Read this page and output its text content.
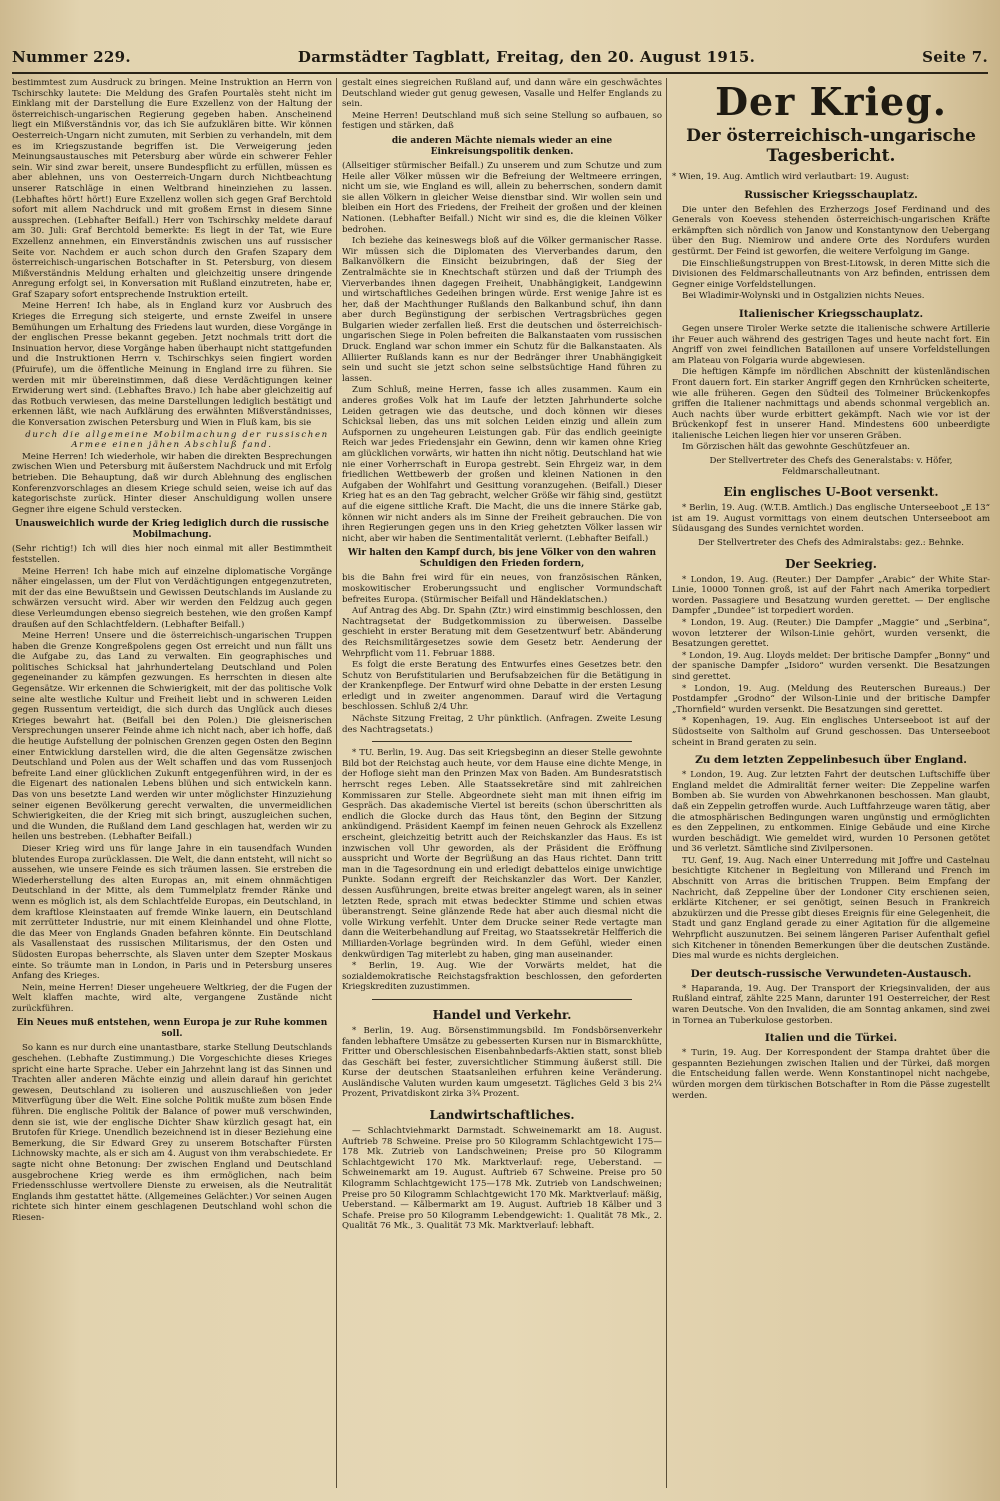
Nummer 229.	Darmstädter Tagblatt, Freitag, den 20. August 1915.	Seite 7.

bestimmtest zum Ausdruck zu bringen. Meine Instruktion an Herrn von Tschirschky lautete: Die Meldung des Grafen Pourtalès steht nicht im Einklang mit der Darstellung die Eure Exzellenz von der Haltung der österreichisch-ungarischen Regierung gegeben haben. Anscheinend liegt ein Mißverständnis vor, das ich Sie aufzuklären bitte. Wir können Oesterreich-Ungarn nicht zumuten, mit Serbien zu verhandeln, mit dem es im Kriegszustande begriffen ist. Die Verweigerung jeden Meinungsaustausches mit Petersburg aber würde ein schwerer Fehler sein. Wir sind zwar bereit, unsere Bundespflicht zu erfüllen, müssen es aber ablehnen, uns von Oesterreich-Ungarn durch Nichtbeachtung unserer Ratschläge in einen Weltbrand hineinziehen zu lassen. (Lebhaftes hört! hört!) Eure Exzellenz wollen sich gegen Graf Berchtold sofort mit allem Nachdruck und mit großem Ernst in diesem Sinne aussprechen. (Lebhafter Beifall.) Herr von Tschirschky meldete darauf am 30. Juli: Graf Berchtold bemerkte: Es liegt in der Tat, wie Eure Exzellenz annehmen, ein Einverständnis zwischen uns auf russischer Seite vor. Nachdem er auch schon durch den Grafen Szapary dem österreichisch-ungarischen Botschafter in St. Petersburg, von diesem Mißverständnis Meldung erhalten und gleichzeitig unsere dringende Anregung erfolgt sei, in Konversation mit Rußland einzutreten, habe er, Graf Szapary sofort entsprechende Instruktion erteilt.

Meine Herren! Ich habe, als in England kurz vor Ausbruch des Krieges die Erregung sich steigerte, und ernste Zweifel in unsere Bemühungen um Erhaltung des Friedens laut wurden, diese Vorgänge in der englischen Presse bekannt gegeben. Jetzt nochmals tritt dort die Insinuation hervor, diese Vorgänge haben überhaupt nicht stattgefunden und die Instruktionen Herrn v. Tschirschkys seien fingiert worden (Pfuirufe), um die öffentliche Meinung in England irre zu führen. Sie werden mit mir übereinstimmen, daß diese Verdächtigungen keiner Erwiderung wert sind. (Lebhaftes Bravo.) Ich habe aber gleichzeitig auf das Rotbuch verwiesen, das meine Darstellungen lediglich bestätigt und erkennen läßt, wie nach Aufklärung des erwähnten Mißverständnisses, die Konversation zwischen Petersburg und Wien in Fluß kam, bis sie

durch die allgemeine Mobilmachung der russischen Armee einen jähen Abschluß fand.

Meine Herren! Ich wiederhole, wir haben die direkten Besprechungen zwischen Wien und Petersburg mit äußerstem Nachdruck und mit Erfolg betrieben. Die Behauptung, daß wir durch Ablehnung des englischen Konferenzvorschlages an diesem Kriege schuld seien, weise ich auf das kategorischste zurück. Hinter dieser Anschuldigung wollen unsere Gegner ihre eigene Schuld verstecken.

Unausweichlich wurde der Krieg lediglich durch die russische Mobilmachung.

(Sehr richtig!) Ich will dies hier noch einmal mit aller Bestimmtheit feststellen.

Meine Herren! Ich habe mich auf einzelne diplomatische Vorgänge näher eingelassen, um der Flut von Verdächtigungen entgegenzutreten, mit der das eine Bewußtsein und Gewissen Deutschlands im Auslande zu schwärzen versucht wird. Aber wir werden den Feldzug auch gegen diese Verleumdungen ebenso siegreich bestehen, wie den großen Kampf draußen auf den Schlachtfeldern. (Lebhafter Beifall.)

Meine Herren! Unsere und die österreichisch-ungarischen Truppen haben die Grenze Kongreßpolens gegen Ost erreicht und nun fällt uns die Aufgabe zu, das Land zu verwalten. Ein geographisches und politisches Schicksal hat jahrhundertelang Deutschland und Polen gegeneinander zu kämpfen gezwungen. Es herrschten in diesen alte Gegensätze. Wir erkennen die Schwierigkeit, mit der das politische Volk seine alte westliche Kultur und Freiheit liebt und in schweren Leiden gegen Russentum verteidigt, die sich durch das Unglück auch dieses Krieges bewahrt hat. (Beifall bei den Polen.) Die gleisnerischen Versprechungen unserer Feinde ahme ich nicht nach, aber ich hoffe, daß die heutige Aufstellung der polnischen Grenzen gegen Osten den Beginn einer Entwicklung darstellen wird, die die alten Gegensätze zwischen Deutschland und Polen aus der Welt schaffen und das vom Russenjoch befreite Land einer glücklichen Zukunft entgegenführen wird, in der es die Eigenart des nationalen Lebens blühen und sich entwickeln kann. Das von uns besetzte Land werden wir unter möglichster Hinzuziehung seiner eigenen Bevölkerung gerecht verwalten, die unvermeidlichen Schwierigkeiten, die der Krieg mit sich bringt, auszugleichen suchen, und die Wunden, die Rußland dem Land geschlagen hat, werden wir zu heilen uns bestreben. (Lebhafter Beifall.)

Dieser Krieg wird uns für lange Jahre in ein tausendfach Wunden blutendes Europa zurücklassen. Die Welt, die dann entsteht, will nicht so aussehen, wie unsere Feinde es sich träumen lassen. Sie erstreben die Wiederherstellung des alten Europas an, mit einem ohnmächtigen Deutschland in der Mitte, als dem Tummelplatz fremder Ränke und wenn es möglich ist, als dem Schlachtfelde Europas, ein Deutschland, in dem kraftlose Kleinstaaten auf fremde Winke lauern, ein Deutschland mit zerrütteter Industrie, nur mit einem Kleinhandel und ohne Flotte, die das Meer von Englands Gnaden befahren könnte. Ein Deutschland als Vasallenstaat des russischen Militarismus, der den Osten und Südosten Europas beherrschte, als Slaven unter dem Szepter Moskaus einte. So träumte man in London, in Paris und in Petersburg unseres Anfang des Krieges.

Nein, meine Herren! Dieser ungeheuere Weltkrieg, der die Fugen der Welt klaffen machte, wird alte, vergangene Zustände nicht zurückführen.

Ein Neues muß entstehen, wenn Europa je zur Ruhe kommen soll.

So kann es nur durch eine unantastbare, starke Stellung Deutschlands geschehen. (Lebhafte Zustimmung.) Die Vorgeschichte dieses Krieges spricht eine harte Sprache. Ueber ein Jahrzehnt lang ist das Sinnen und Trachten aller anderen Mächte einzig und allein darauf hin gerichtet gewesen, Deutschland zu isolieren und auszuschließen von jeder Mitverfügung über die Welt. Eine solche Politik mußte zum bösen Ende führen. Die englische Politik der Balance of power muß verschwinden, denn sie ist, wie der englische Dichter Shaw kürzlich gesagt hat, ein Brutofen für Kriege. Unendlich bezeichnend ist in dieser Beziehung eine Bemerkung, die Sir Edward Grey zu unserem Botschafter Fürsten Lichnowsky machte, als er sich am 4. August von ihm verabschiedete. Er sagte nicht ohne Betonung: Der zwischen England und Deutschland ausgebrochene Krieg werde es ihm ermöglichen, nach beim Friedensschlusse wertvollere Dienste zu erweisen, als die Neutralität Englands ihm gestattet hätte. (Allgemeines Gelächter.) Vor seinen Augen richtete sich hinter einem geschlagenen Deutschland wohl schon die Riesen-

gestalt eines siegreichen Rußland auf, und dann wäre ein geschwächtes Deutschland wieder gut genug gewesen, Vasalle und Helfer Englands zu sein.

Meine Herren! Deutschland muß sich seine Stellung so aufbauen, so festigen und stärken, daß

die anderen Mächte niemals wieder an eine Einkreisungspolitik denken.

(Allseitiger stürmischer Beifall.) Zu unserem und zum Schutze und zum Heile aller Völker müssen wir die Befreiung der Weltmeere erringen, nicht um sie, wie England es will, allein zu beherrschen, sondern damit sie allen Völkern in gleicher Weise dienstbar sind. Wir wollen sein und bleiben ein Hort des Friedens, der Freiheit der großen und der kleinen Nationen. (Lebhafter Beifall.) Nicht wir sind es, die die kleinen Völker bedrohen.

Ich beziehe das keineswegs bloß auf die Völker germanischer Rasse. Wir müssen sich die Diplomaten des Vierverbandes darum, den Balkanvölkern die Einsicht beizubringen, daß der Sieg der Zentralmächte sie in Knechtschaft stürzen und daß der Triumph des Vierverbandes ihnen dagegen Freiheit, Unabhängigkeit, Landgewinn und wirtschaftliches Gedeihen bringen würde. Erst wenige Jahre ist es her, daß der Machthunger Rußlands den Balkanbund schuf, ihn dann aber durch Begünstigung der serbischen Vertragsbrüches gegen Bulgarien wieder zerfallen ließ. Erst die deutschen und österreichisch-ungarischen Siege in Polen befreiten die Balkanstaaten vom russischen Druck. England war schon immer ein Schutz für die Balkanstaaten. Als Alliierter Rußlands kann es nur der Bedränger ihrer Unabhängigkeit sein und sucht sie jetzt schon seine selbstsüchtige Hand führen zu lassen.

Zum Schluß, meine Herren, fasse ich alles zusammen. Kaum ein anderes großes Volk hat im Laufe der letzten Jahrhunderte solche Leiden getragen wie das deutsche, und doch können wir dieses Schicksal lieben, das uns mit solchen Leiden einzig und allein zum Aufspornen zu ungeheuren Leistungen gab. Für das endlich geeinigte Reich war jedes Friedensjahr ein Gewinn, denn wir kamen ohne Krieg am glücklichen vorwärts, wir hatten ihn nicht nötig. Deutschland hat wie nie einer Vorherrschaft in Europa gestrebt. Sein Ehrgeiz war, in dem friedlichen Wettbewerb der großen und kleinen Nationen in den Aufgaben der Wohlfahrt und Gesittung voranzugehen. (Beifall.) Dieser Krieg hat es an den Tag gebracht, welcher Größe wir fähig sind, gestützt auf die eigene sittliche Kraft. Die Macht, die uns die innere Stärke gab, können wir nicht anders als im Sinne der Freiheit gebrauchen. Die von ihren Regierungen gegen uns in den Krieg gehetzten Völker lassen wir nicht, aber wir haben die Sentimentalität verlernt. (Lebhafter Beifall.)

Wir halten den Kampf durch, bis jene Völker von den wahren Schuldigen den Frieden fordern,

bis die Bahn frei wird für ein neues, von französischen Ränken, moskowitischer Eroberungssucht und englischer Vormundschaft befreites Europa. (Stürmischer Beifall und Händeklatschen.)

Auf Antrag des Abg. Dr. Spahn (Ztr.) wird einstimmig beschlossen, den Nachtragsetat der Budgetkommission zu überweisen. Dasselbe geschieht in erster Beratung mit dem Gesetzentwurf betr. Abänderung des Reichsmilitärgesetzes sowie dem Gesetz betr. Aenderung der Wehrpflicht vom 11. Februar 1888.

Es folgt die erste Beratung des Entwurfes eines Gesetzes betr. den Schutz von Berufstitularien und Berufsabzeichen für die Betätigung in der Krankenpflege. Der Entwurf wird ohne Debatte in der ersten Lesung erledigt und in zweiter angenommen. Darauf wird die Vertagung beschlossen. Schluß 2/4 Uhr.

Nächste Sitzung Freitag, 2 Uhr pünktlich. (Anfragen. Zweite Lesung des Nachtragsetats.)

* TU. Berlin, 19. Aug. Das seit Kriegsbeginn an dieser Stelle gewohnte Bild bot der Reichstag auch heute, vor dem Hause eine dichte Menge, in der Hofloge sieht man den Prinzen Max von Baden. Am Bundesratstisch herrscht reges Leben. Alle Staatssekretäre sind mit zahlreichen Kommissaren zur Stelle. Abgeordnete sieht man mit ihnen eifrig im Gespräch. Das akademische Viertel ist bereits (schon überschritten als endlich die Glocke durch das Haus tönt, den Beginn der Sitzung ankündigend. Präsident Kaempf im feinen neuen Gehrock als Exzellenz erscheint, gleichzeitig betritt auch der Reichskanzler das Haus. Es ist inzwischen voll Uhr geworden, als der Präsident die Eröffnung ausspricht und Worte der Begrüßung an das Haus richtet. Dann tritt man in die Tagesordnung ein und erledigt debattelos einige unwichtige Punkte. Sodann ergreift der Reichskanzler das Wort. Der Kanzler, dessen Ausführungen, breite etwas breiter angelegt waren, als in seiner letzten Rede, sprach mit etwas bedeckter Stimme und schien etwas überanstrengt. Seine glänzende Rede hat aber auch diesmal nicht die volle Wirkung verfehlt. Unter dem Drucke seiner Rede vertagte man dann die Weiterbehandlung auf Freitag, wo Staatssekretär Helfferich die Milliarden-Vorlage begründen wird. In dem Gefühl, wieder einen denkwürdigen Tag miterlebt zu haben, ging man auseinander.

* Berlin, 19. Aug. Wie der Vorwärts meldet, hat die sozialdemokratische Reichstagsfraktion beschlossen, den geforderten Kriegskrediten zuzustimmen.

Handel und Verkehr.

* Berlin, 19. Aug. Börsenstimmungsbild. Im Fondsbörsenverkehr fanden lebhaftere Umsätze zu gebesserten Kursen nur in Bismarckhütte, Fritter und Oberschlesischen Eisenbahnbedarfs-Aktien statt, sonst blieb das Geschäft bei fester, zuversichtlicher Stimmung äußerst still. Die Kurse der deutschen Staatsanleihen erfuhren keine Veränderung. Ausländische Valuten wurden kaum umgesetzt. Tägliches Geld 3 bis 2¼ Prozent, Privatdiskont zirka 3¾ Prozent.

Landwirtschaftliches.

— Schlachtviehmarkt Darmstadt. Schweinemarkt am 18. August. Auftrieb 78 Schweine. Preise pro 50 Kilogramm Schlachtgewicht 175—178 Mk. Zutrieb von Landschweinen; Preise pro 50 Kilogramm Schlachtgewicht 170 Mk. Marktverlauf: rege, Ueberstand. — Schweinemarkt am 19. August. Auftrieb 67 Schweine. Preise pro 50 Kilogramm Schlachtgewicht 175—178 Mk. Zutrieb von Landschweinen; Preise pro 50 Kilogramm Schlachtgewicht 170 Mk. Marktverlauf: mäßig, Ueberstand. — Kälbermarkt am 19. August. Auftrieb 18 Kälber und 3 Schafe. Preise pro 50 Kilogramm Lebendgewicht: 1. Qualität 78 Mk., 2. Qualität 76 Mk., 3. Qualität 73 Mk. Marktverlauf: lebhaft.

Der Krieg.
Der österreichisch-ungarische Tagesbericht.

* Wien, 19. Aug. Amtlich wird verlautbart: 19. August:

Russischer Kriegsschauplatz.

Die unter den Befehlen des Erzherzogs Josef Ferdinand und des Generals von Koevess stehenden österreichisch-ungarischen Kräfte erkämpften sich nördlich von Janow und Konstantynow den Uebergang über den Bug. Niemirow und andere Orte des Nordufers wurden gestürmt. Der Feind ist geworfen, die weitere Verfolgung im Gange.

Die Einschließungstruppen von Brest-Litowsk, in deren Mitte sich die Divisionen des Feldmarschalleutnants von Arz befinden, entrissen dem Gegner einige Vorfeldstellungen.

Bei Wladimir-Wolynski und in Ostgalizien nichts Neues.

Italienischer Kriegsschauplatz.

Gegen unsere Tiroler Werke setzte die italienische schwere Artillerie ihr Feuer auch während des gestrigen Tages und heute nacht fort. Ein Angriff von zwei feindlichen Bataillonen auf unsere Vorfeldstellungen am Plateau von Folgaria wurde abgewiesen.

Die heftigen Kämpfe im nördlichen Abschnitt der küstenländischen Front dauern fort. Ein starker Angriff gegen den Krnhrücken scheiterte, wie alle früheren. Gegen den Südteil des Tolmeiner Brückenkopfes griffen die Italiener nachmittags und abends schonmal vergeblich an. Auch nachts über wurde erbittert gekämpft. Nach wie vor ist der Brückenkopf fest in unserer Hand. Mindestens 600 unbeerdigte italienische Leichen liegen hier vor unseren Gräben.

Im Görzischen hält das gewohnte Geschützfeuer an.

Der Stellvertreter des Chefs des Generalstabs: v. Höfer, Feldmarschalleutnant.
Ein englisches U-Boot versenkt.

* Berlin, 19. Aug. (W.T.B. Amtlich.) Das englische Unterseeboot „E 13“ ist am 19. August vormittags von einem deutschen Unterseeboot am Südausgang des Sundes vernichtet worden.

Der Stellvertreter des Chefs des Admiralstabs: gez.: Behnke.
Der Seekrieg.

* London, 19. Aug. (Reuter.) Der Dampfer „Arabic“ der White Star-Linie, 10000 Tonnen groß, ist auf der Fahrt nach Amerika torpediert worden. Passagiere und Besatzung wurden gerettet. — Der englische Dampfer „Dundee“ ist torpediert worden.

* London, 19. Aug. (Reuter.) Die Dampfer „Maggie“ und „Serbina“, wovon letzterer der Wilson-Linie gehört, wurden versenkt, die Besatzungen gerettet.

* London, 19. Aug. Lloyds meldet: Der britische Dampfer „Bonny“ und der spanische Dampfer „Isidoro“ wurden versenkt. Die Besatzungen sind gerettet.

* London, 19. Aug. (Meldung des Reuterschen Bureaus.) Der Postdampfer „Grodno“ der Wilson-Linie und der britische Dampfer „Thornfield“ wurden versenkt. Die Besatzungen sind gerettet.

* Kopenhagen, 19. Aug. Ein englisches Unterseeboot ist auf der Südostseite von Saltholm auf Grund geschossen. Das Unterseeboot scheint in Brand geraten zu sein.

Zu dem letzten Zeppelinbesuch über England.

* London, 19. Aug. Zur letzten Fahrt der deutschen Luftschiffe über England meldet die Admiralität ferner weiter: Die Zeppeline warfen Bomben ab. Sie wurden von Abwehrkanonen beschossen. Man glaubt, daß ein Zeppelin getroffen wurde. Auch Luftfahrzeuge waren tätig, aber die atmosphärischen Bedingungen waren ungünstig und ermöglichten es den Zeppelinen, zu entkommen. Einige Gebäude und eine Kirche wurden beschädigt. Wie gemeldet wird, wurden 10 Personen getötet und 36 verletzt. Sämtliche sind Zivilpersonen.

TU. Genf, 19. Aug. Nach einer Unterredung mit Joffre und Castelnau besichtigte Kitchener in Begleitung von Millerand und French im Abschnitt von Arras die britischen Truppen. Beim Empfang der Nachricht, daß Zeppeline über der Londoner City erschienen seien, erklärte Kitchener, er sei genötigt, seinen Besuch in Frankreich abzukürzen und die Presse gibt dieses Ereignis für eine Gelegenheit, die Stadt und ganz England gerade zu einer Agitation für die allgemeine Wehrpflicht auszunutzen. Bei seinem längeren Pariser Aufenthalt gefiel sich Kitchener in tönenden Bemerkungen über die deutschen Zustände. Dies mal wurde es nichts dergleichen.

Der deutsch-russische Verwundeten-Austausch.

* Haparanda, 19. Aug. Der Transport der Kriegsinvaliden, der aus Rußland eintraf, zählte 225 Mann, darunter 191 Oesterreicher, der Rest waren Deutsche. Von den Invaliden, die am Sonntag ankamen, sind zwei in Tornea an Tuberkulose gestorben.

Italien und die Türkei.

* Turin, 19. Aug. Der Korrespondent der Stampa drahtet über die gespannten Beziehungen zwischen Italien und der Türkei, daß morgen die Entscheidung fallen werde. Wenn Konstantinopel nicht nachgebe, würden morgen dem türkischen Botschafter in Rom die Pässe zugestellt werden.
